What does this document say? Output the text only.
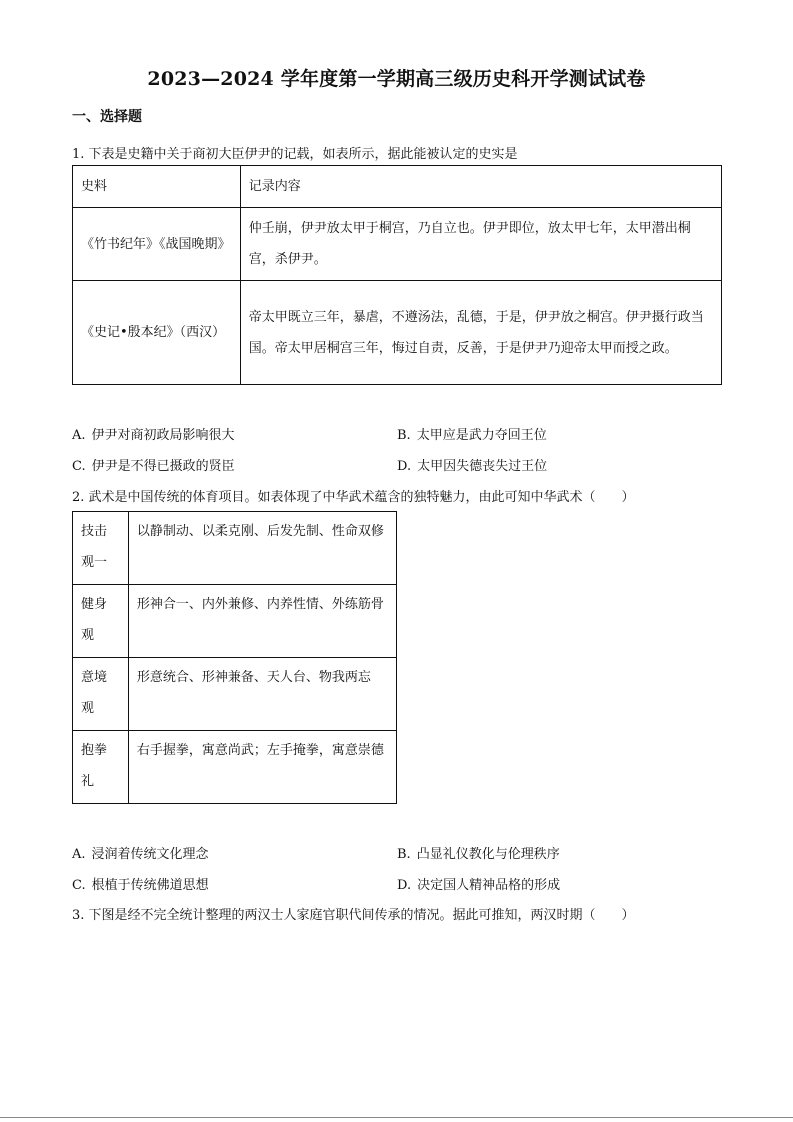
2023—2024 学年度第一学期高三级历史科开学测试试卷
一、选择题
1. 下表是史籍中关于商初大臣伊尹的记载，如表所示，据此能被认定的史实是
史料	记录内容
《竹书纪年》《战国晚期》	仲壬崩，伊尹放太甲于桐宫，乃自立也。伊尹即位，放太甲七年，太甲潜出桐宫，杀伊尹。
《史记•殷本纪》（西汉）	帝太甲既立三年，暴虐，不遵汤法，乱德，于是，伊尹放之桐宫。伊尹摄行政当国。帝太甲居桐宫三年，悔过自责，反善，于是伊尹乃迎帝太甲而授之政。
A. 伊尹对商初政局影响很大	B. 太甲应是武力夺回王位
C. 伊尹是不得已摄政的贤臣	D. 太甲因失德丧失过王位
2. 武术是中国传统的体育项目。如表体现了中华武术蕴含的独特魅力，由此可知中华武术（　　）
技击观一	以静制动、以柔克刚、后发先制、性命双修
健身观	形神合一、内外兼修、内养性情、外练筋骨
意境观	形意统合、形神兼备、天人台、物我两忘
抱拳礼	右手握拳，寓意尚武；左手掩拳，寓意崇德
A. 浸润着传统文化理念	B. 凸显礼仪教化与伦理秩序
C. 根植于传统佛道思想	D. 决定国人精神品格的形成
3. 下图是经不完全统计整理的两汉士人家庭官职代间传承的情况。据此可推知，两汉时期（　　）
